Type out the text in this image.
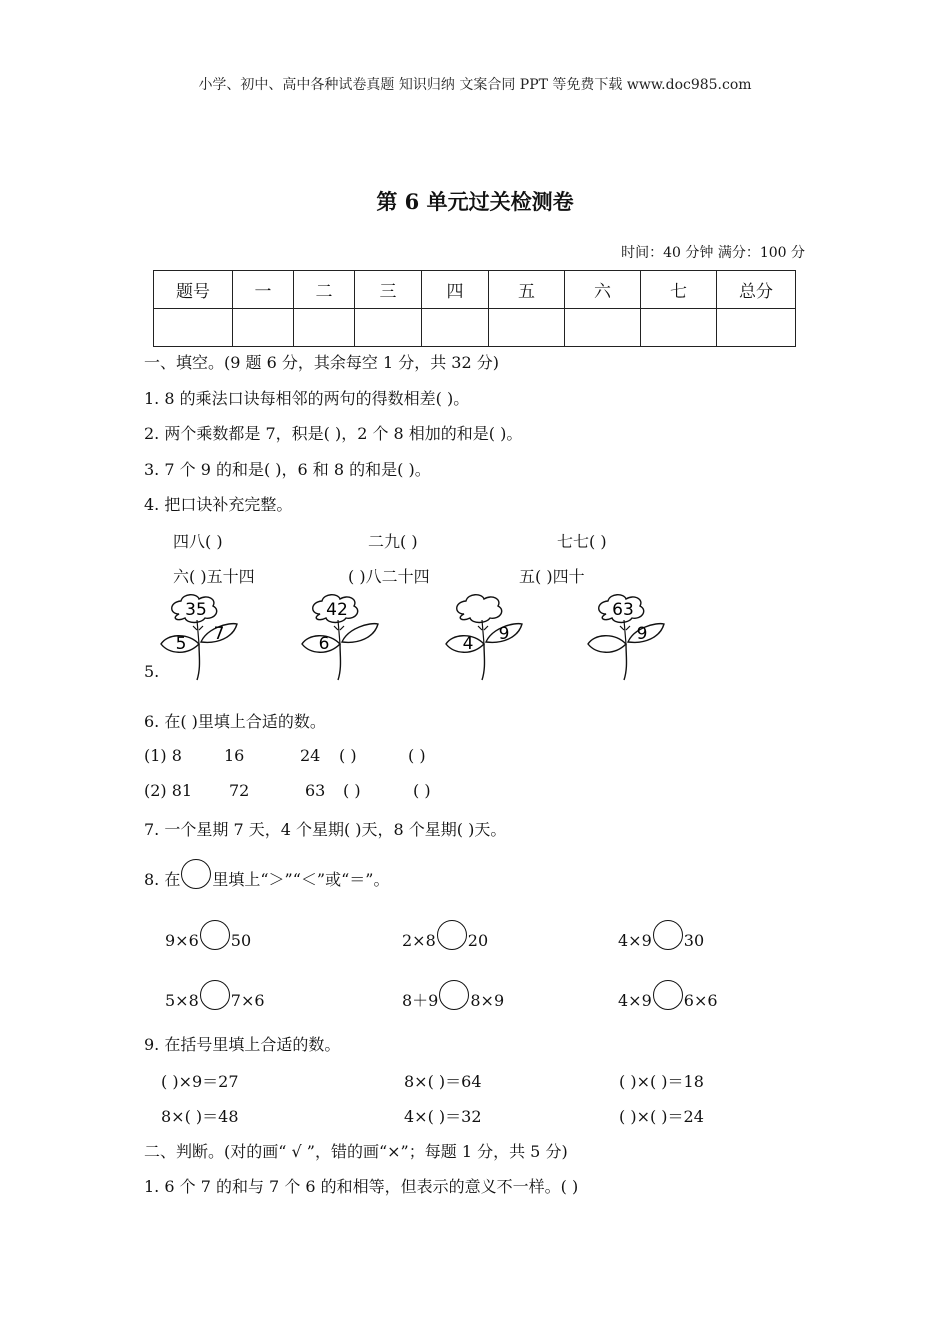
小学、初中、高中各种试卷真题 知识归纳 文案合同 PPT 等免费下载 www.doc985.com
第 6 单元过关检测卷
时间：40 分钟 满分：100 分
题号	一	二	三	四	五	六	七	总分

一、填空。(9 题 6 分，其余每空 1 分，共 32 分)
1. 8 的乘法口诀每相邻的两句的得数相差( )。
2. 两个乘数都是 7，积是( )，2 个 8 相加的和是( )。
3. 7 个 9 的和是( )，6 和 8 的和是( )。
4. 把口诀补充完整。
四八( )	二九( )	七七( )
六( )五十四	( )八二十四	五( )四十
5.
35
5 7
42
6	4 9
63
9
6. 在( )里填上合适的数。
(1) 8	16	24 ( )	( )
(2) 81 72	63 ( )	( )
7. 一个星期 7 天，4 个星期( )天，8 个星期( )天。
8. 在 里填上“＞”“＜”或“＝”。
9×6 50	2×8 20	4×9 30
5×8 7×6	8＋9 8×9	4×9 6×6
9. 在括号里填上合适的数。
( )×9＝27	8×( )＝64	( )×( )＝18
8×( )＝48	4×( )＝32	( )×( )＝24
二、判断。(对的画“ √ ”，错的画“×”；每题 1 分，共 5 分)
1. 6 个 7 的和与 7 个 6 的和相等，但表示的意义不一样。( )
